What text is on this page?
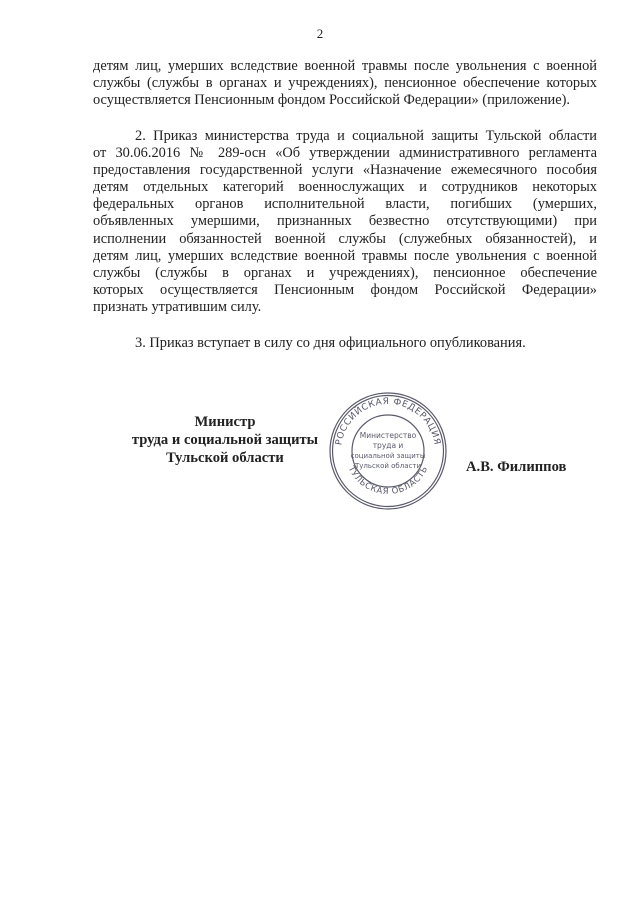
2
детям лиц, умерших вследствие военной травмы после увольнения с военной
службы (службы в органах и учреждениях), пенсионное обеспечение которых
осуществляется Пенсионным фондом Российской Федерации» (приложение).
2. Приказ министерства труда и социальной защиты Тульской области
от 30.06.2016 № 289-осн «Об утверждении административного регламента
предоставления государственной услуги «Назначение ежемесячного пособия
детям отдельных категорий военнослужащих и сотрудников некоторых
федеральных органов исполнительной власти, погибших (умерших,
объявленных умершими, признанных безвестно отсутствующими) при
исполнении обязанностей военной службы (служебных обязанностей), и
детям лиц, умерших вследствие военной травмы после увольнения с военной
службы (службы в органах и учреждениях), пенсионное обеспечение
которых осуществляется Пенсионным фондом Российской Федерации»
признать утратившим силу.
3. Приказ вступает в силу со дня официального опубликования.
Министр
труда и социальной защиты
Тульской области
РОССИЙСКАЯ ФЕДЕРАЦИЯ
ТУЛЬСКАЯ ОБЛАСТЬ
Министерство
труда и
социальной защиты
Тульской области	А.В. Филиппов
